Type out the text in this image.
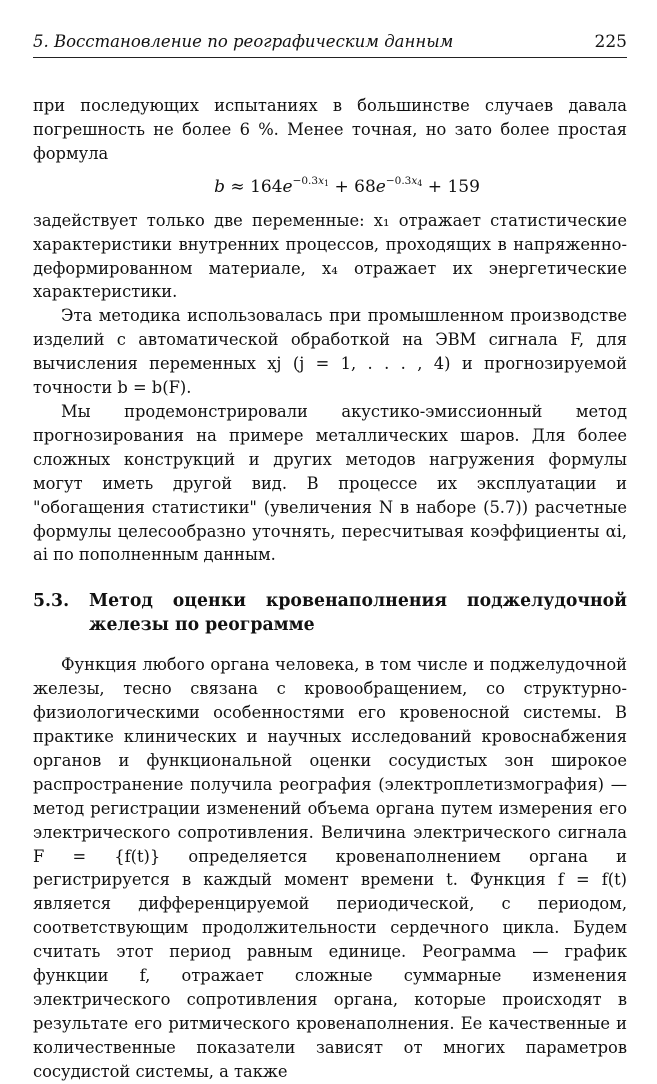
5. Восстановление по реографическим данным	225

при последующих испытаниях в большинстве случаев давала погрешность не более 6 %. Менее точная, но зато более простая формула

$b \approx 164e^{-0.3x_1} + 68e^{-0.3x_4} + 159$

задействует только две переменные: x₁ отражает статистические характеристики внутренних процессов, проходящих в напряженно-деформированном материале, x₄ отражает их энергетические характеристики.

Эта методика использовалась при промышленном производстве изделий с автоматической обработкой на ЭВМ сигнала F, для вычисления переменных xj (j = 1, . . . , 4) и прогнозируемой точности b = b(F).

Мы продемонстрировали акустико-эмиссионный метод прогнозирования на примере металлических шаров. Для более сложных конструкций и других методов нагружения формулы могут иметь другой вид. В процессе их эксплуатации и "обогащения статистики" (увеличения N в наборе (5.7)) расчетные формулы целесообразно уточнять, пересчитывая коэффициенты αi, ai по пополненным данным.

5.3.	Метод оценки кровенаполнения поджелудочной железы по реограмме

Функция любого органа человека, в том числе и поджелудочной железы, тесно связана с кровообращением, со структурно-физиологическими особенностями его кровеносной системы. В практике клинических и научных исследований кровоснабжения органов и функциональной оценки сосудистых зон широкое распространение получила реография (электроплетизмография) — метод регистрации изменений объема органа путем измерения его электрического сопротивления. Величина электрического сигнала F = {f(t)} определяется кровенаполнением органа и регистрируется в каждый момент времени t. Функция f = f(t) является дифференцируемой периодической, с периодом, соответствующим продолжительности сердечного цикла. Будем считать этот период равным единице. Реограмма — график функции f, отражает сложные суммарные изменения электрического сопротивления органа, которые происходят в результате его ритмического кровенаполнения. Ее качественные и количественные показатели зависят от многих параметров сосудистой системы, а также
